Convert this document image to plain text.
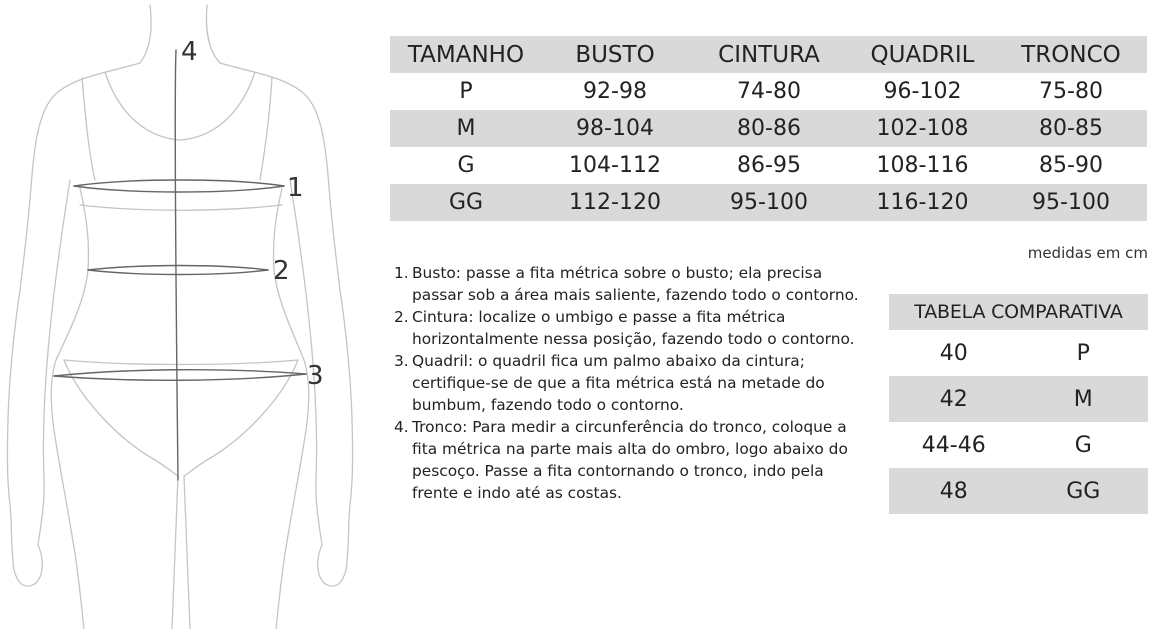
4
1
2
3
TAMANHO	BUSTO	CINTURA	QUADRIL	TRONCO
P	92-98	74-80	96-102	75-80
M	98-104	80-86	102-108	80-85
G	104-112	86-95	108-116	85-90
GG	112-120	95-100	116-120	95-100
medidas em cm
1. Busto: passe a fita métrica sobre o busto; ela precisa passar sob a área mais saliente, fazendo todo o contorno.
2. Cintura: localize o umbigo e passe a fita métrica horizontalmente nessa posição, fazendo todo o contorno.
3. Quadril: o quadril fica um palmo abaixo da cintura; certifique-se de que a fita métrica está na metade do bumbum, fazendo todo o contorno.
4. Tronco: Para medir a circunferência do tronco, coloque a fita métrica na parte mais alta do ombro, logo abaixo do pescoço. Passe a fita contornando o tronco, indo pela frente e indo até as costas.
TABELA COMPARATIVA
40	P
42	M
44-46	G
48	GG
